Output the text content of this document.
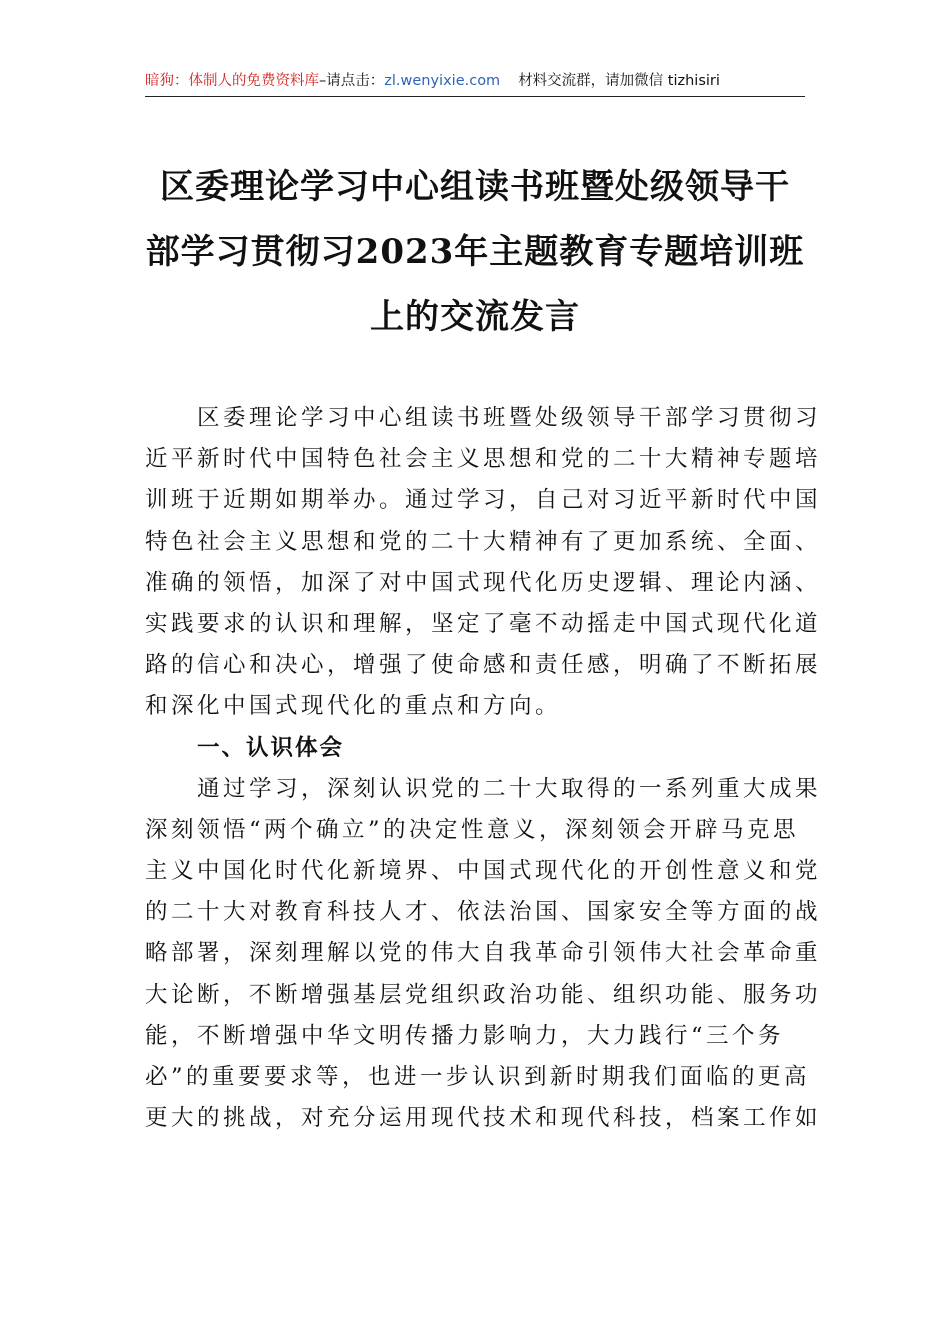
暗狗：体制人的免费资料库–请点击：zl.wenyixie.com 材料交流群，请加微信 tizhisiri
区委理论学习中心组读书班暨处级领导干
部学习贯彻习2023年主题教育专题培训班
上的交流发言
区委理论学习中心组读书班暨处级领导干部学习贯彻习
近平新时代中国特色社会主义思想和党的二十大精神专题培
训班于近期如期举办。通过学习，自己对习近平新时代中国
特色社会主义思想和党的二十大精神有了更加系统、全面、
准确的领悟，加深了对中国式现代化历史逻辑、理论内涵、
实践要求的认识和理解，坚定了毫不动摇走中国式现代化道
路的信心和决心，增强了使命感和责任感，明确了不断拓展
和深化中国式现代化的重点和方向。
一、认识体会
通过学习，深刻认识党的二十大取得的一系列重大成果
深刻领悟“两个确立”的决定性意义，深刻领会开辟马克思
主义中国化时代化新境界、中国式现代化的开创性意义和党
的二十大对教育科技人才、依法治国、国家安全等方面的战
略部署，深刻理解以党的伟大自我革命引领伟大社会革命重
大论断，不断增强基层党组织政治功能、组织功能、服务功
能，不断增强中华文明传播力影响力，大力践行“三个务
必”的重要要求等，也进一步认识到新时期我们面临的更高
更大的挑战，对充分运用现代技术和现代科技，档案工作如
